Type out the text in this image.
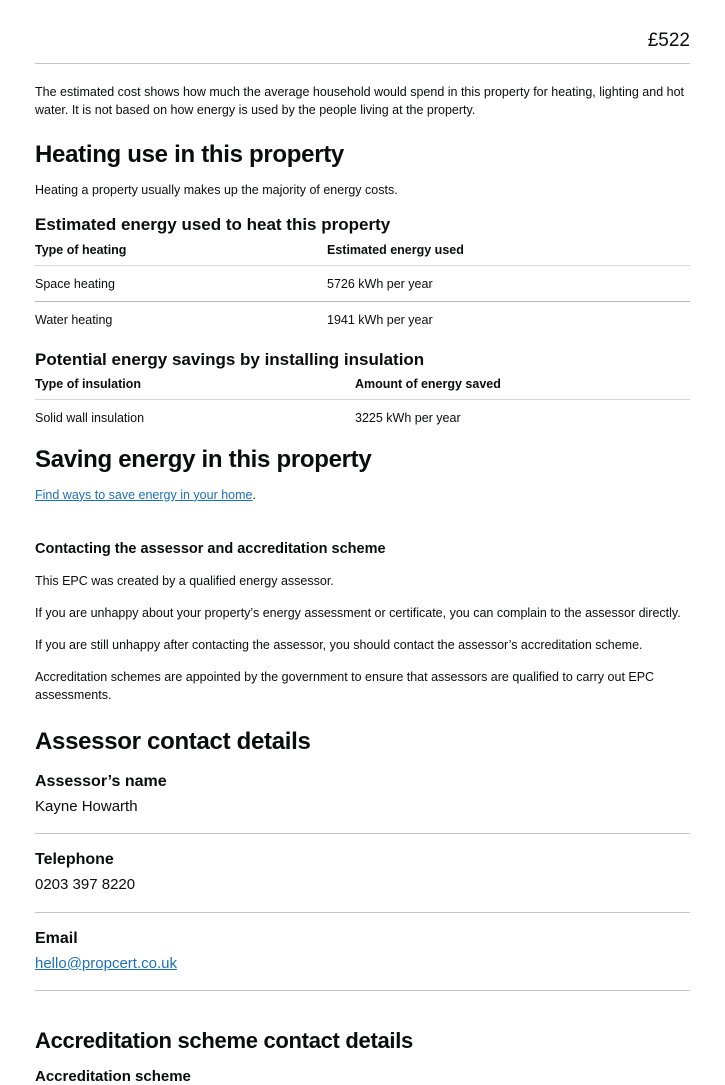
£522

The estimated cost shows how much the average household would spend in this property for heating, lighting and hot water. It is not based on how energy is used by the people living at the property.

Heating use in this property

Heating a property usually makes up the majority of energy costs.

Estimated energy used to heat this property
Type of heating	Estimated energy used
Space heating	5726 kWh per year
Water heating	1941 kWh per year
Potential energy savings by installing insulation
Type of insulation	Amount of energy saved
Solid wall insulation	3225 kWh per year
Saving energy in this property

Find ways to save energy in your home.

Contacting the assessor and accreditation scheme

This EPC was created by a qualified energy assessor.

If you are unhappy about your property’s energy assessment or certificate, you can complain to the assessor directly.

If you are still unhappy after contacting the assessor, you should contact the assessor’s accreditation scheme.

Accreditation schemes are appointed by the government to ensure that assessors are qualified to carry out EPC assessments.

Assessor contact details
Assessor’s name
Kayne Howarth
Telephone
0203 397 8220
Email
hello@propcert.co.uk
Accreditation scheme contact details
Accreditation scheme
